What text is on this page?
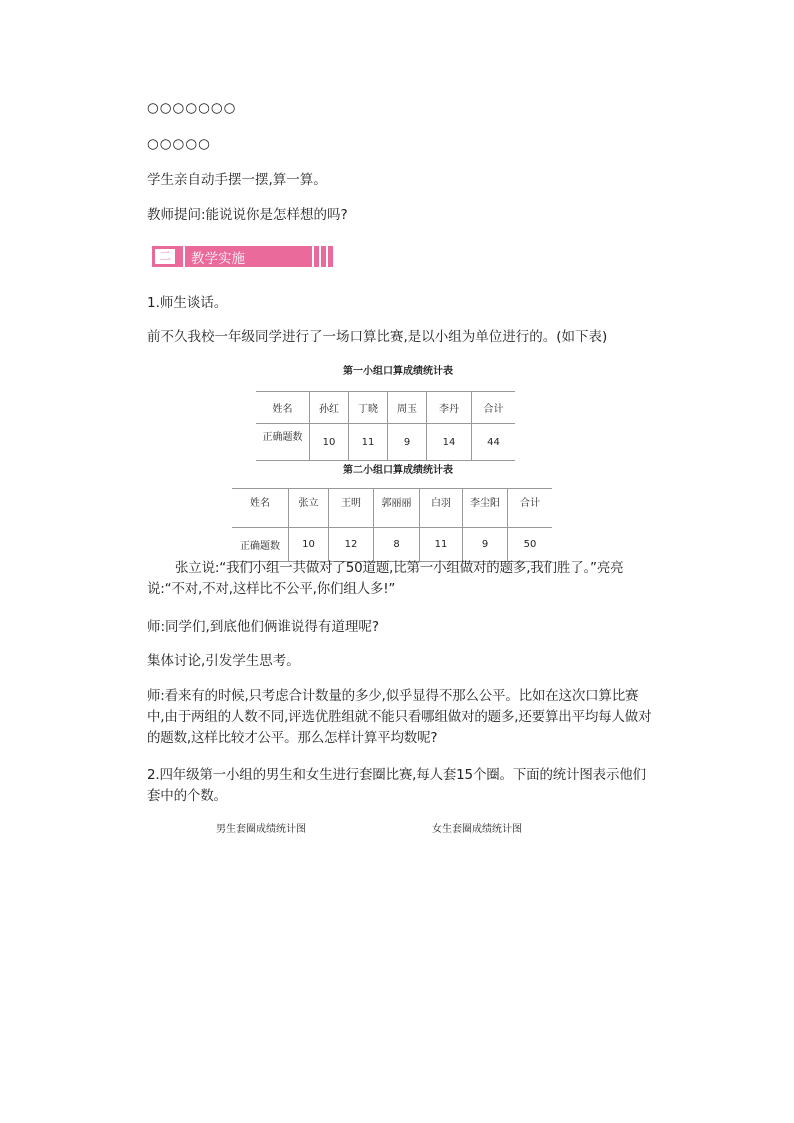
○○○○○○○
○○○○○
学生亲自动手摆一摆,算一算。
教师提问:能说说你是怎样想的吗?
二 教学实施
1.师生谈话。
前不久我校一年级同学进行了一场口算比赛,是以小组为单位进行的。(如下表)
第一小组口算成绩统计表
姓名	孙红	丁晓	周玉	李丹	合计
正确题数	10	11	9	14	44
第二小组口算成绩统计表
姓名	张立	王明	郭丽丽	白羽	李尘阳	合计
正确题数	10	12	8	11	9	50
张立说:“我们小组一共做对了50道题,比第一小组做对的题多,我们胜了。”亮亮说:“不对,不对,这样比不公平,你们组人多!”
师:同学们,到底他们俩谁说得有道理呢?
集体讨论,引发学生思考。
师:看来有的时候,只考虑合计数量的多少,似乎显得不那么公平。比如在这次口算比赛中,由于两组的人数不同,评选优胜组就不能只看哪组做对的题多,还要算出平均每人做对的题数,这样比较才公平。那么怎样计算平均数呢?
2.四年级第一小组的男生和女生进行套圈比赛,每人套15个圈。下面的统计图表示他们套中的个数。
男生套圈成绩统计图	女生套圈成绩统计图
